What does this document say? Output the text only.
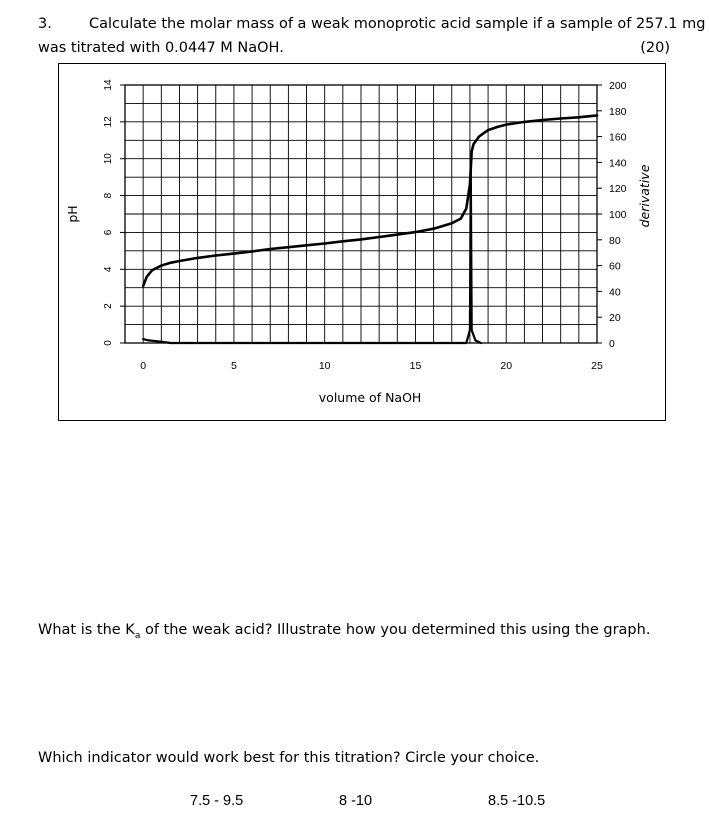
3.	Calculate the molar mass of a weak monoprotic acid sample if a sample of 257.1 mg
was titrated with 0.0447 M NaOH.	(20)
0
2
4
6
8
10
12
14
0
20
40
60
80
100
120
140
160
180
200
0	5	10	15	20	25
volume of NaOH
pH	derivative
What is the $K_a$ of the weak acid? Illustrate how you determined this using the graph.
Which indicator would work best for this titration? Circle your choice.
7.5 - 9.5	8 -10	8.5 -10.5
